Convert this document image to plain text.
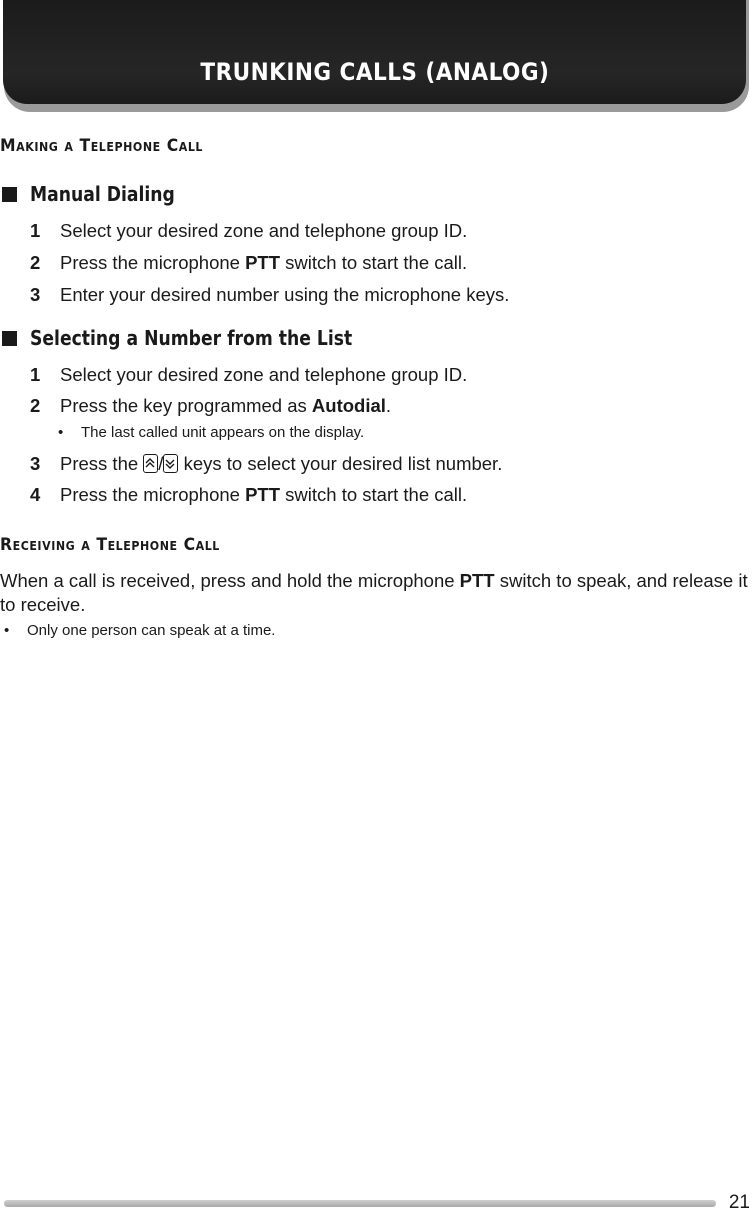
TRUNKING CALLS (ANALOG)
Making a Telephone Call
Manual Dialing
1 Select your desired zone and telephone group ID.
2 Press the microphone PTT switch to start the call.
3 Enter your desired number using the microphone keys.
Selecting a Number from the List
1 Select your desired zone and telephone group ID.
2 Press the key programmed as Autodial.
• The last called unit appears on the display.
3 Press the
/
keys to select your desired list number.
4 Press the microphone PTT switch to start the call.
Receiving a Telephone Call
When a call is received, press and hold the microphone PTT switch to speak, and release it to receive.
• Only one person can speak at a time.
21
